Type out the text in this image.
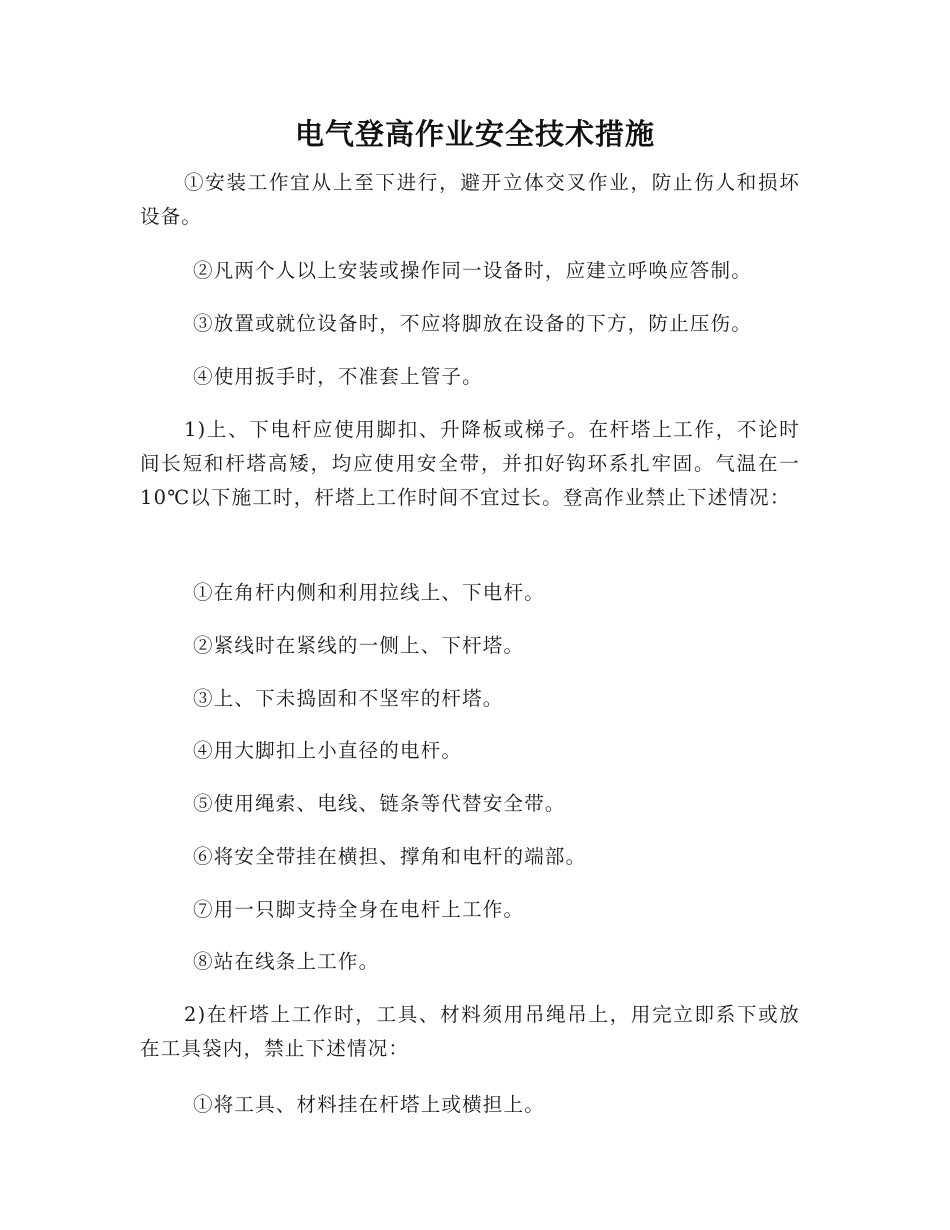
电气登高作业安全技术措施
①安装工作宜从上至下进行，避开立体交叉作业，防止伤人和损坏设备。
②凡两个人以上安装或操作同一设备时，应建立呼唤应答制。
③放置或就位设备时，不应将脚放在设备的下方，防止压伤。
④使用扳手时，不准套上管子。
1)上、下电杆应使用脚扣、升降板或梯子。在杆塔上工作，不论时间长短和杆塔高矮，均应使用安全带，并扣好钩环系扎牢固。气温在一10℃以下施工时，杆塔上工作时间不宜过长。登高作业禁止下述情况：
①在角杆内侧和利用拉线上、下电杆。
②紧线时在紧线的一侧上、下杆塔。
③上、下未捣固和不坚牢的杆塔。
④用大脚扣上小直径的电杆。
⑤使用绳索、电线、链条等代替安全带。
⑥将安全带挂在横担、撑角和电杆的端部。
⑦用一只脚支持全身在电杆上工作。
⑧站在线条上工作。
2)在杆塔上工作时，工具、材料须用吊绳吊上，用完立即系下或放在工具袋内，禁止下述情况：
①将工具、材料挂在杆塔上或横担上。
